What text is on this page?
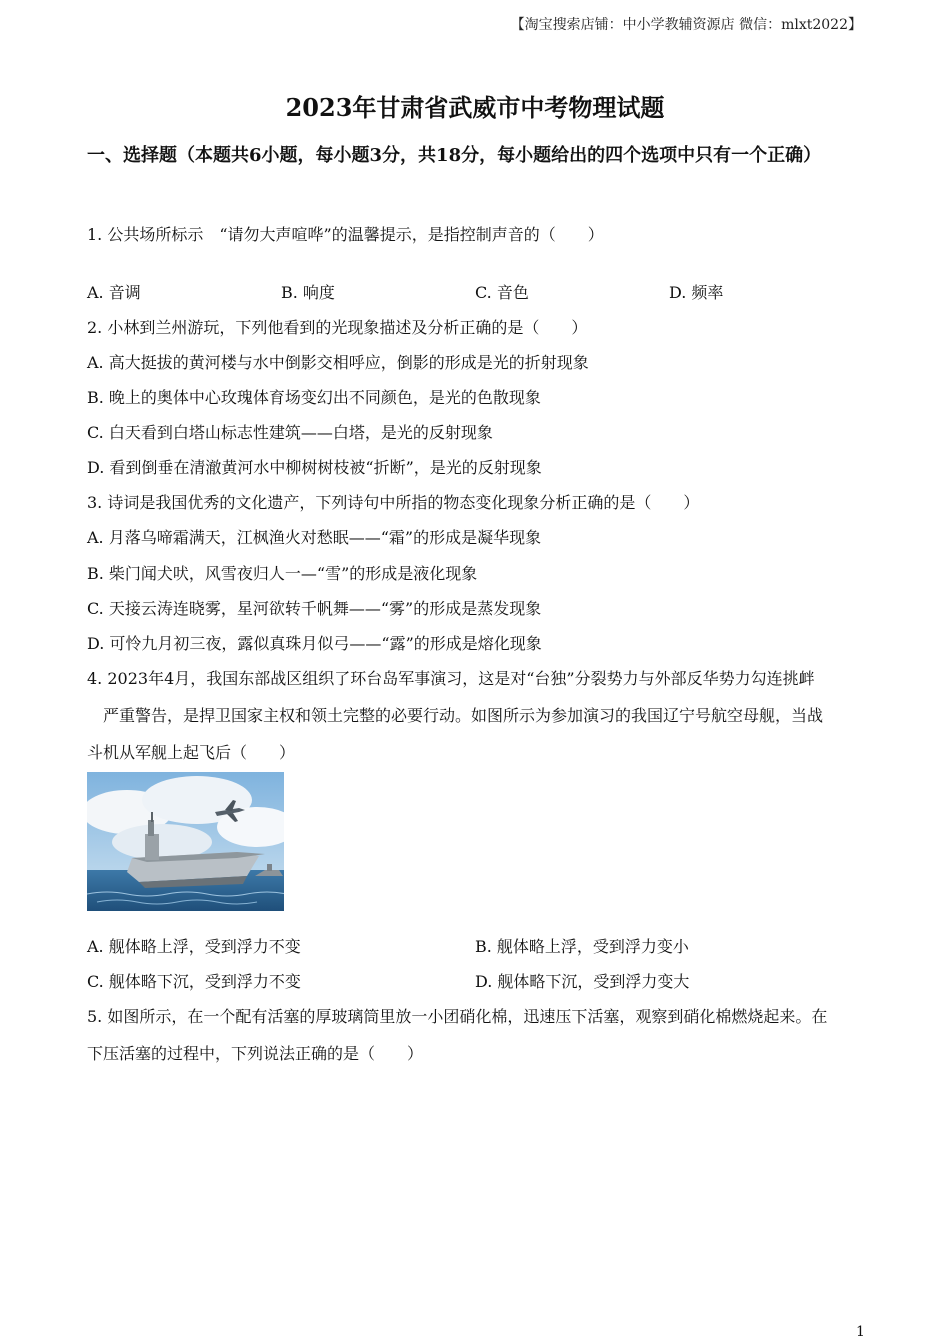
【淘宝搜索店铺：中小学教辅资源店 微信：mlxt2022】
2023年甘肃省武威市中考物理试题
一、选择题（本题共6小题，每小题3分，共18分，每小题给出的四个选项中只有一个正确）
1. 公共场所标示　“请勿大声喧哗”的温馨提示，是指控制声音的（　　）
A. 音调	B. 响度	C. 音色	D. 频率
2. 小林到兰州游玩，下列他看到的光现象描述及分析正确的是（　　）
A. 高大挺拔的黄河楼与水中倒影交相呼应，倒影的形成是光的折射现象
B. 晚上的奥体中心玫瑰体育场变幻出不同颜色，是光的色散现象
C. 白天看到白塔山标志性建筑——白塔，是光的反射现象
D. 看到倒垂在清澈黄河水中柳树树枝被“折断”，是光的反射现象
3. 诗词是我国优秀的文化遗产，下列诗句中所指的物态变化现象分析正确的是（　　）
A. 月落乌啼霜满天，江枫渔火对愁眠——“霜”的形成是凝华现象
B. 柴门闻犬吠，风雪夜归人一—“雪”的形成是液化现象
C. 天接云涛连晓雾，星河欲转千帆舞——“雾”的形成是蒸发现象
D. 可怜九月初三夜，露似真珠月似弓——“露”的形成是熔化现象
4. 2023年4月，我国东部战区组织了环台岛军事演习，这是对“台独”分裂势力与外部反华势力勾连挑衅
严重警告，是捍卫国家主权和领土完整的必要行动。如图所示为参加演习的我国辽宁号航空母舰，当战
斗机从军舰上起飞后（　　）
A. 舰体略上浮，受到浮力不变	B. 舰体略上浮，受到浮力变小
C. 舰体略下沉，受到浮力不变	D. 舰体略下沉，受到浮力变大
5. 如图所示，在一个配有活塞的厚玻璃筒里放一小团硝化棉，迅速压下活塞，观察到硝化棉燃烧起来。在
下压活塞的过程中，下列说法正确的是（　　）
1
